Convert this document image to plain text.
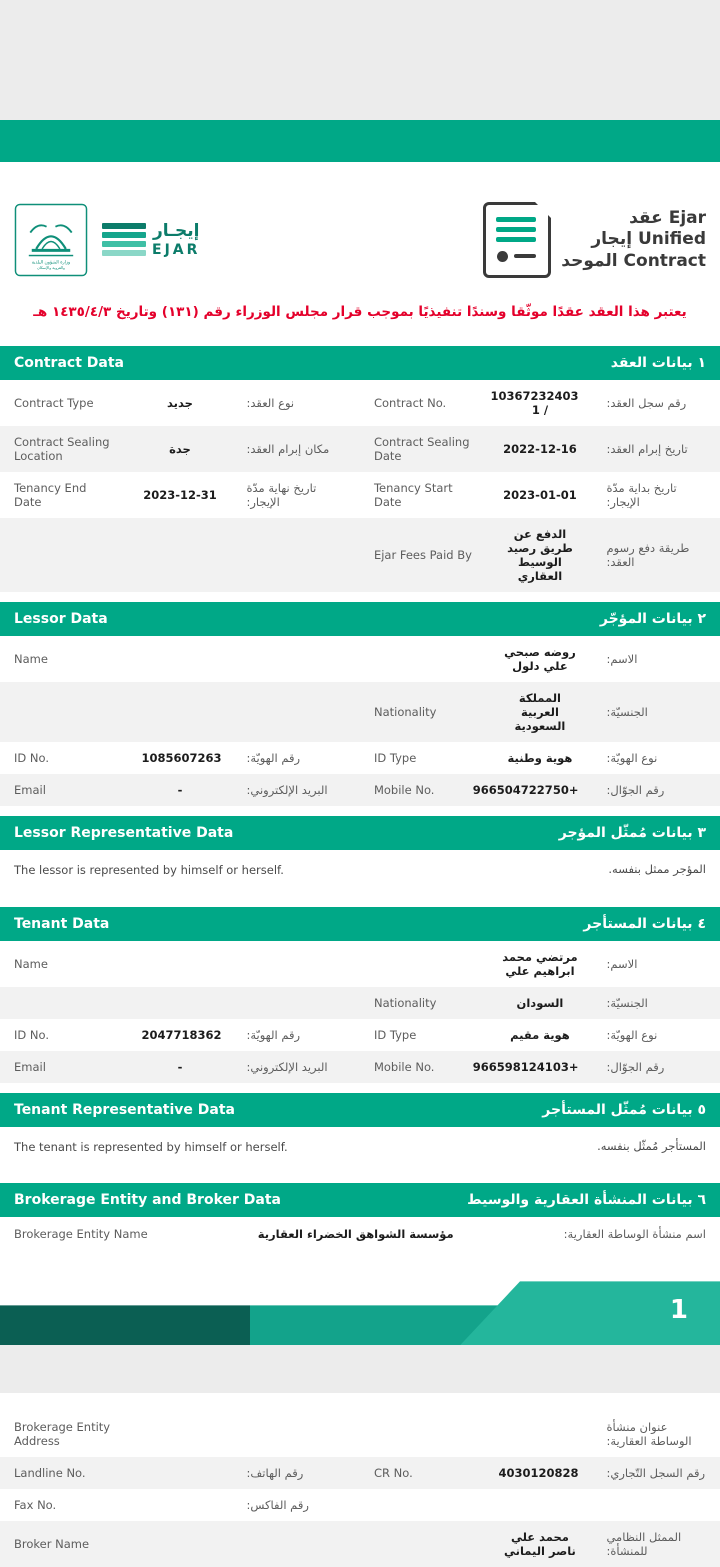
وزارة الشؤون البلدية
والقروية والإسكان
إيجـار
EJAR
Ejar عقد
Unified إيجار
Contract الموحد
يعتبر هذا العقد عقدًا موثّقا وسندًا تنفيذيًا بموجب قرار مجلس الوزراء رقم (١٣١) وتاريخ ١٤٣٥/٤/٣ هـ
Contract Data	١ بيانات العقد
Contract Type	جديد	نوع العقد:	Contract No.	10367232403 / 1	رقم سجل العقد:
Contract Sealing Location	جدة	مكان إبرام العقد:	Contract Sealing Date	2022-12-16	تاريخ إبرام العقد:
Tenancy End Date	2023-12-31	تاريخ نهاية مدّة الإيجار:	Tenancy Start Date	2023-01-01	تاريخ بداية مدّة الإيجار:
			Ejar Fees Paid By	الدفع عن طريق رصيد الوسيط العقاري	طريقة دفع رسوم العقد:
Lessor Data	٢ بيانات المؤجّر
Name				روضه صبحي علي دلول	الاسم:
			Nationality	المملكة العربية السعودية	الجنسيّة:
ID No.	1085607263	رقم الهويّة:	ID Type	هوية وطنية	نوع الهويّة:
Email	-	البريد الإلكتروني:	Mobile No.	+966504722750	رقم الجوّال:
Lessor Representative Data	٣ بيانات مُمثّل المؤجر
The lessor is represented by himself or herself.	المؤجر ممثل بنفسه.
Tenant Data	٤ بيانات المستأجر
Name				مرتضي محمد ابراهيم علي	الاسم:
			Nationality	السودان	الجنسيّة:
ID No.	2047718362	رقم الهويّة:	ID Type	هوية مقيم	نوع الهويّة:
Email	-	البريد الإلكتروني:	Mobile No.	+966598124103	رقم الجوّال:
Tenant Representative Data	٥ بيانات مُمثّل المستأجر
The tenant is represented by himself or herself.	المستأجر مُمثّل بنفسه.
Brokerage Entity and Broker Data	٦ بيانات المنشأة العقارية والوسيط
Brokerage Entity Name	مؤسسة الشواهق الخضراء العقارية	اسم منشأة الوساطة العقارية:
1
Brokerage Entity Address					عنوان منشأة الوساطة العقارية:
Landline No.		رقم الهاتف:	CR No.	4030120828	رقم السجل التّجاري:
Fax No.		رقم الفاكس:			
Broker Name				محمد علي ناصر اليماني	الممثل النظامي للمنشأة:
